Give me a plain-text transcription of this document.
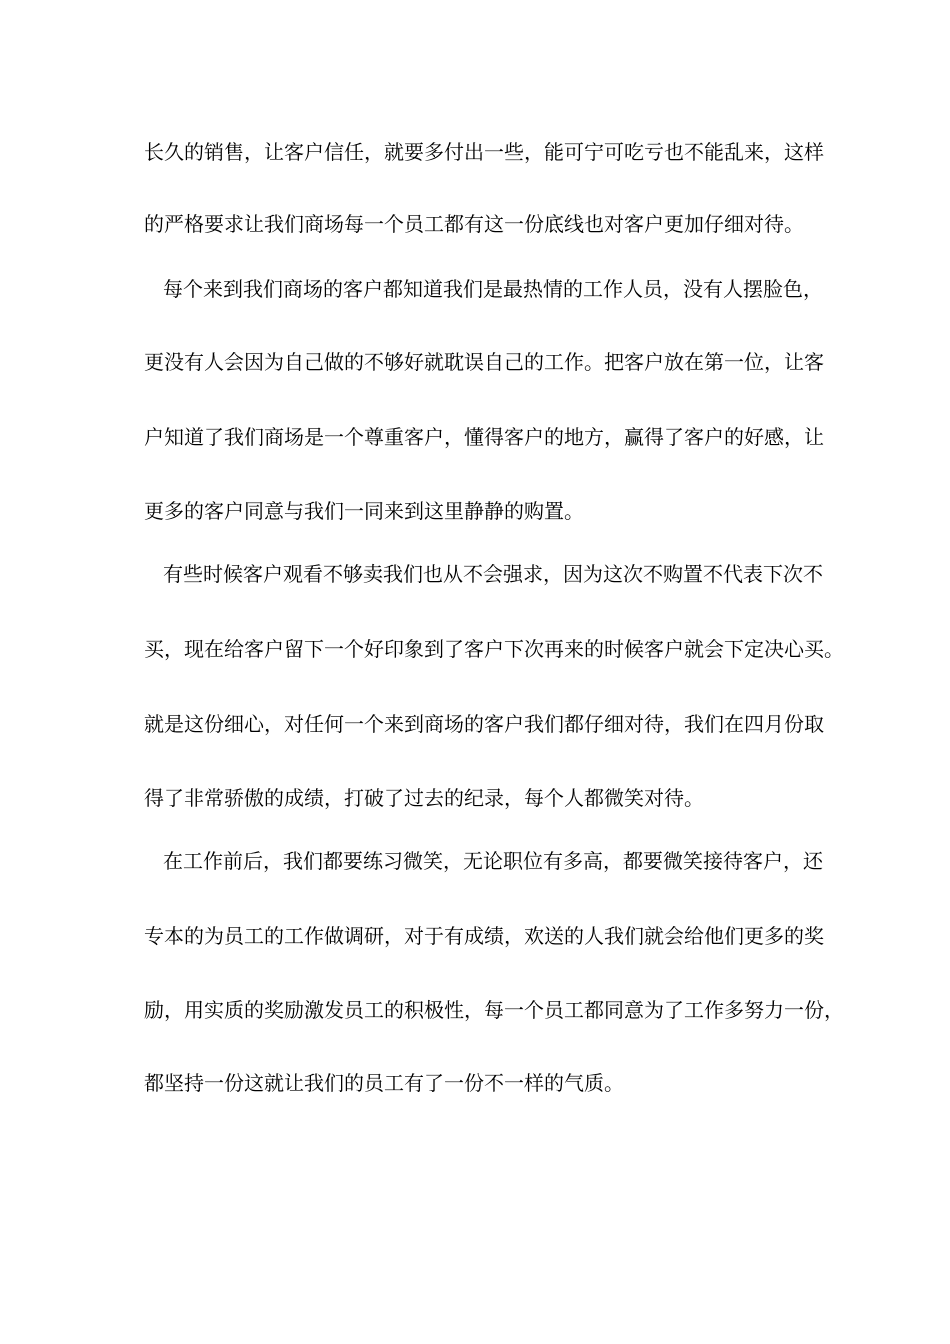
长久的销售，让客户信任，就要多付出一些，能可宁可吃亏也不能乱来，这样
的严格要求让我们商场每一个员工都有这一份底线也对客户更加仔细对待。
每个来到我们商场的客户都知道我们是最热情的工作人员，没有人摆脸色，
更没有人会因为自己做的不够好就耽误自己的工作。把客户放在第一位，让客
户知道了我们商场是一个尊重客户，懂得客户的地方，赢得了客户的好感，让
更多的客户同意与我们一同来到这里静静的购置。
有些时候客户观看不够卖我们也从不会强求，因为这次不购置不代表下次不
买，现在给客户留下一个好印象到了客户下次再来的时候客户就会下定决心买。
就是这份细心，对任何一个来到商场的客户我们都仔细对待，我们在四月份取
得了非常骄傲的成绩，打破了过去的纪录，每个人都微笑对待。
在工作前后，我们都要练习微笑，无论职位有多高，都要微笑接待客户，还
专本的为员工的工作做调研，对于有成绩，欢送的人我们就会给他们更多的奖
励，用实质的奖励激发员工的积极性，每一个员工都同意为了工作多努力一份，
都坚持一份这就让我们的员工有了一份不一样的气质。
